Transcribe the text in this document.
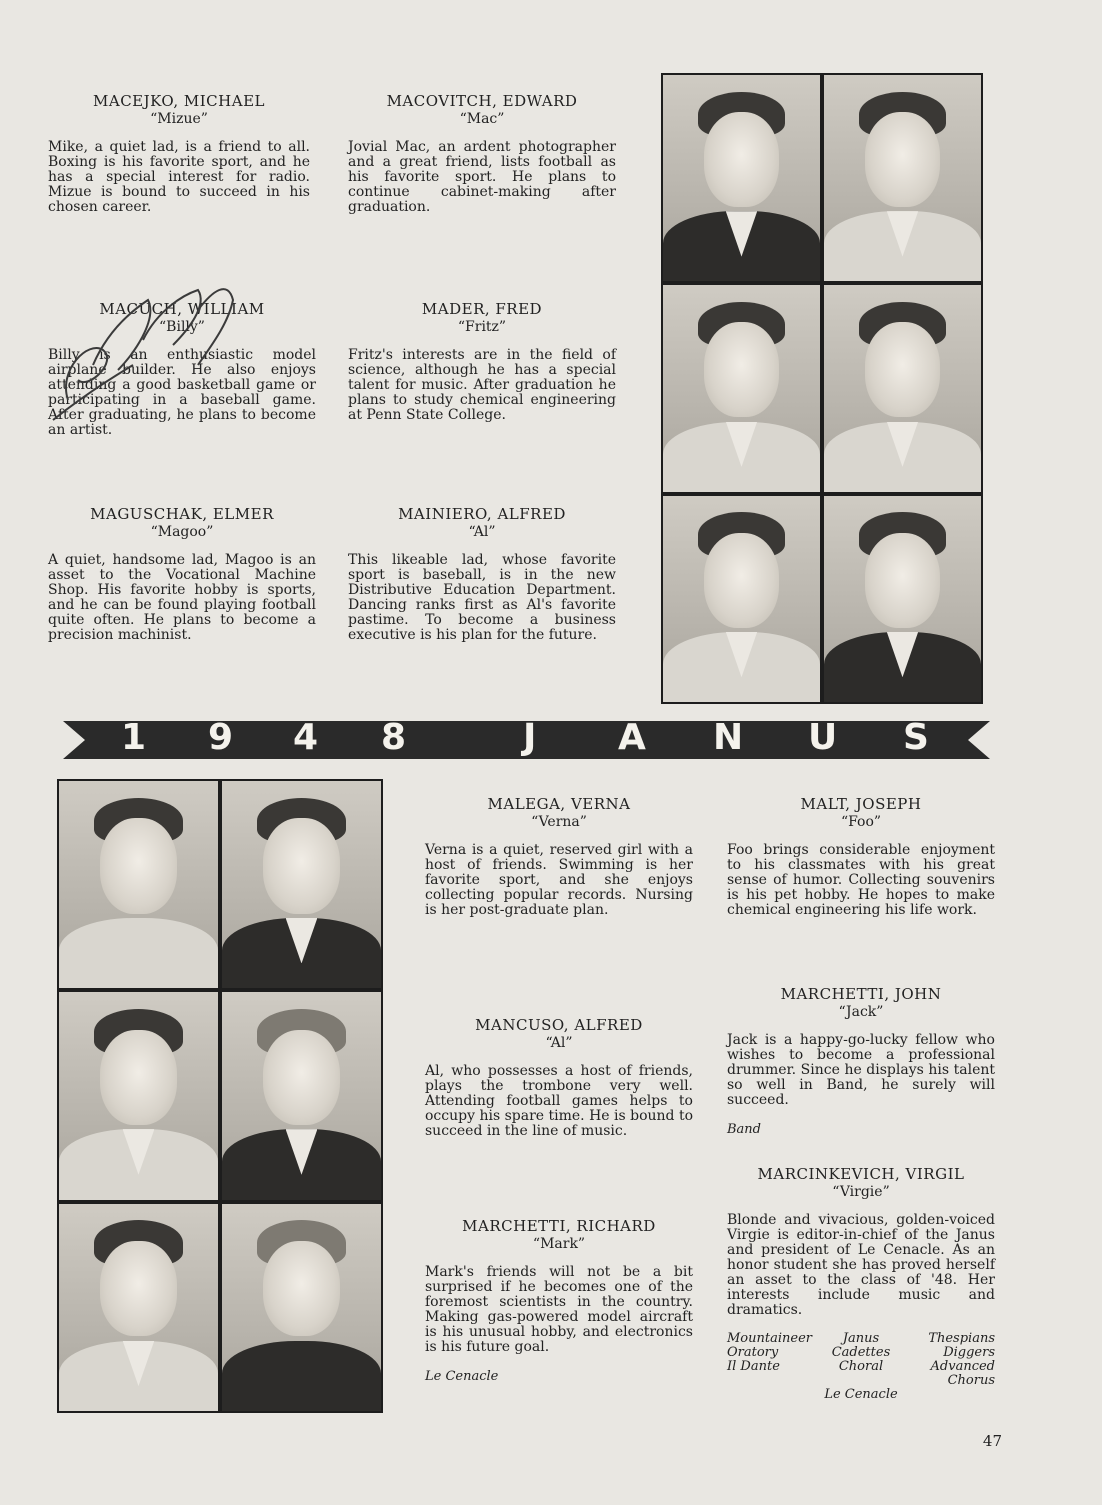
MACEJKO, MICHAEL
“Mizue”

Mike, a quiet lad, is a friend to all. Boxing is his favorite sport, and he has a special interest for radio. Mizue is bound to succeed in his chosen career.

MACOVITCH, EDWARD
“Mac”

Jovial Mac, an ardent photographer and a great friend, lists football as his favorite sport. He plans to continue cabinet-making after graduation.

MACUCH, WILLIAM
“Billy”

Billy is an enthusiastic model airplane builder. He also enjoys attending a good basketball game or participating in a baseball game. After graduating, he plans to become an artist.

MADER, FRED
“Fritz”

Fritz's interests are in the field of science, although he has a special talent for music. After graduation he plans to study chemical engineering at Penn State College.

MAGUSCHAK, ELMER
“Magoo”

A quiet, handsome lad, Magoo is an asset to the Vocational Machine Shop. His favorite hobby is sports, and he can be found playing football quite often. He plans to become a precision machinist.

MAINIERO, ALFRED
“Al”

This likeable lad, whose favorite sport is baseball, is in the new Distributive Education Department. Dancing ranks first as Al's favorite pastime. To become a business executive is his plan for the future.

1 9 4 8	J A N U S
MALEGA, VERNA
“Verna”

Verna is a quiet, reserved girl with a host of friends. Swimming is her favorite sport, and she enjoys collecting popular records. Nursing is her post-graduate plan.

MALT, JOSEPH
“Foo”

Foo brings considerable enjoyment to his classmates with his great sense of humor. Collecting souvenirs is his pet hobby. He hopes to make chemical engineering his life work.

MANCUSO, ALFRED
“Al”

Al, who possesses a host of friends, plays the trombone very well. Attending football games helps to occupy his spare time. He is bound to succeed in the line of music.

MARCHETTI, JOHN
“Jack”

Jack is a happy-go-lucky fellow who wishes to become a professional drummer. Since he displays his talent so well in Band, he surely will succeed.

Band
MARCHETTI, RICHARD
“Mark”

Mark's friends will not be a bit surprised if he becomes one of the foremost scientists in the country. Making gas-powered model aircraft is his unusual hobby, and electronics is his future goal.

Le Cenacle
MARCINKEVICH, VIRGIL
“Virgie”

Blonde and vivacious, golden-voiced Virgie is editor-in-chief of the Janus and president of Le Cenacle. As an honor student she has proved herself an asset to the class of '48. Her interests include music and dramatics.

Mountaineer	Janus	Thespians
Oratory	Cadettes	Diggers
Il Dante	Choral	Advanced Chorus
Le Cenacle
47
